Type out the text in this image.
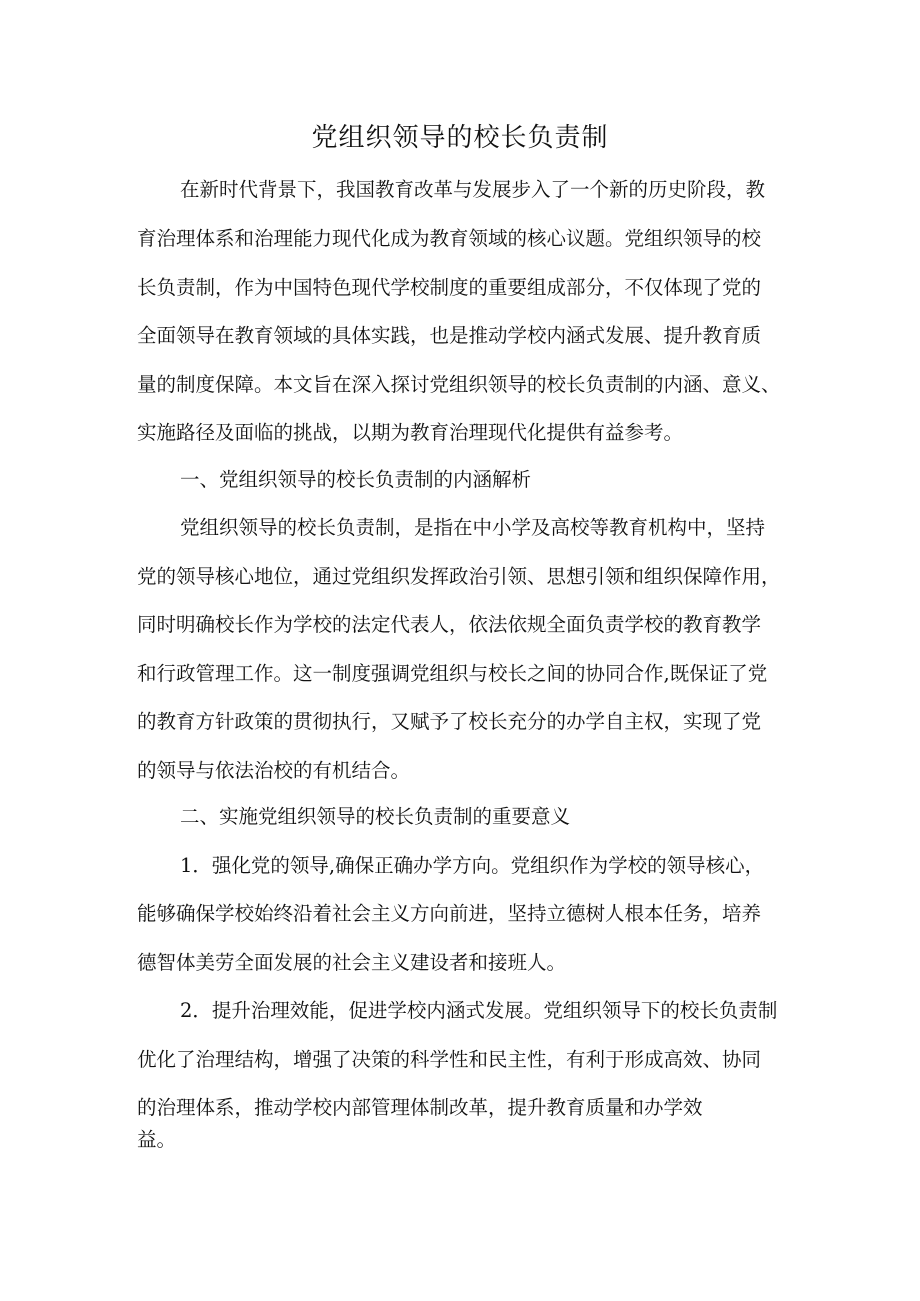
党组织领导的校长负责制

在新时代背景下，我国教育改革与发展步入了一个新的历史阶段，教

育治理体系和治理能力现代化成为教育领域的核心议题。党组织领导的校

长负责制，作为中国特色现代学校制度的重要组成部分，不仅体现了党的

全面领导在教育领域的具体实践，也是推动学校内涵式发展、提升教育质

量的制度保障。本文旨在深入探讨党组织领导的校长负责制的内涵、意义、

实施路径及面临的挑战，以期为教育治理现代化提供有益参考。

一、党组织领导的校长负责制的内涵解析

党组织领导的校长负责制，是指在中小学及高校等教育机构中，坚持

党的领导核心地位，通过党组织发挥政治引领、思想引领和组织保障作用，

同时明确校长作为学校的法定代表人，依法依规全面负责学校的教育教学

和行政管理工作。这一制度强调党组织与校长之间的协同合作,既保证了党

的教育方针政策的贯彻执行，又赋予了校长充分的办学自主权，实现了党

的领导与依法治校的有机结合。

二、实施党组织领导的校长负责制的重要意义

1．强化党的领导,确保正确办学方向。党组织作为学校的领导核心，

能够确保学校始终沿着社会主义方向前进，坚持立德树人根本任务，培养

德智体美劳全面发展的社会主义建设者和接班人。

2．提升治理效能，促进学校内涵式发展。党组织领导下的校长负责制

优化了治理结构，增强了决策的科学性和民主性，有利于形成高效、协同

的治理体系，推动学校内部管理体制改革，提升教育质量和办学效

益。
